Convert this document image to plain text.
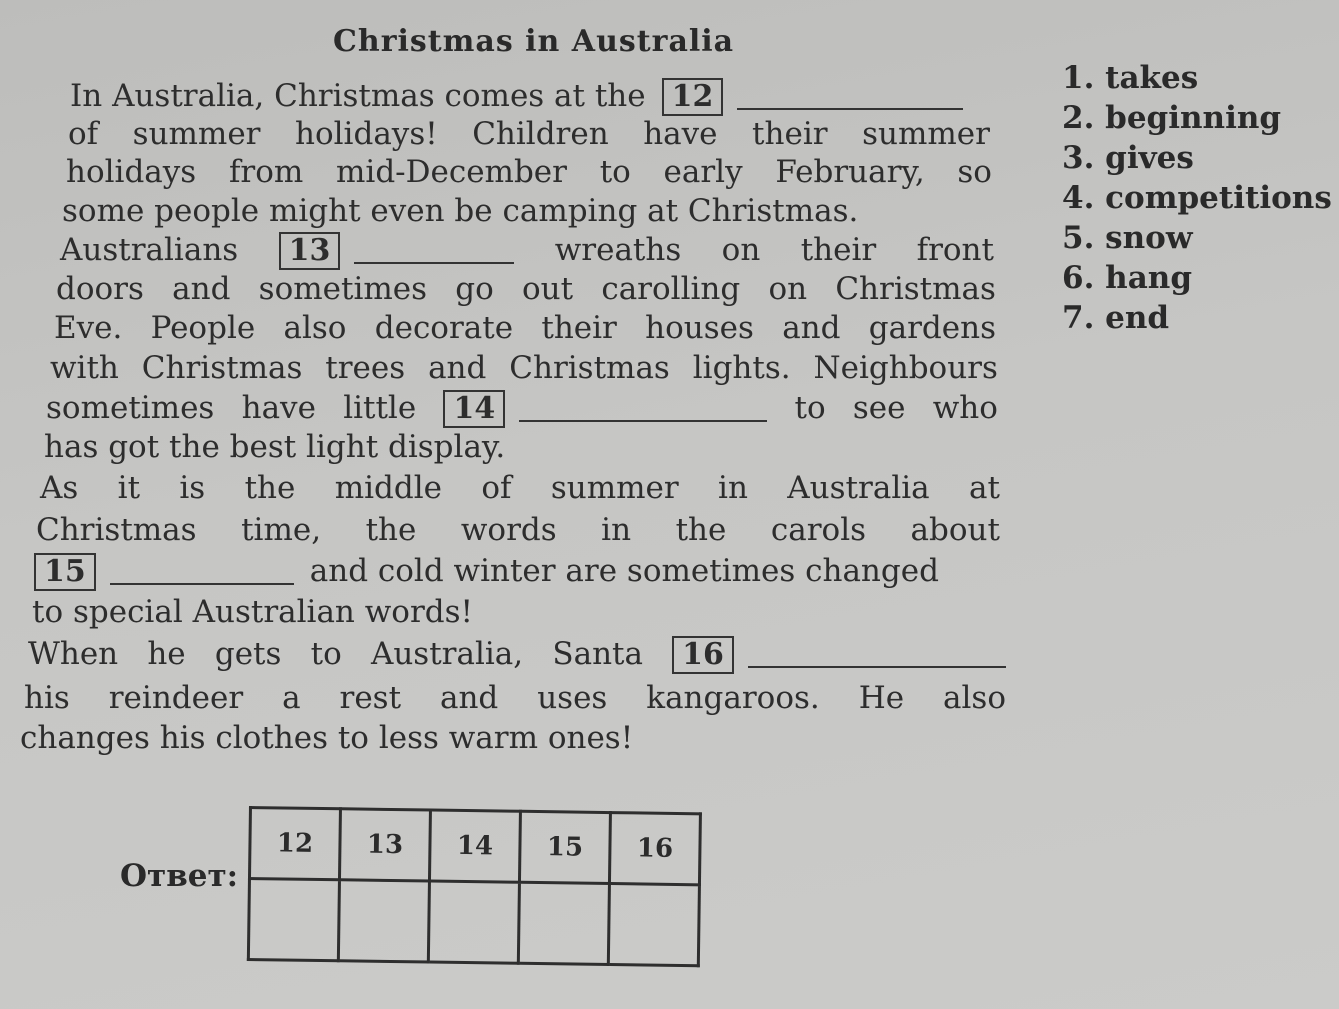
Christmas in Australia
In Australia, Christmas comes at the 12
of summer holidays! Children have their summer
holidays from mid-December to early February, so
some people might even be camping at Christmas.
Australians	13	wreaths on their front
doors and sometimes go out carolling on Christmas
Eve. People also decorate their houses and gardens
with Christmas trees and Christmas lights. Neighbours
sometimes have little	14	to see who
has got the best light display.
As it is the middle of summer in Australia at
Christmas time, the words in the carols about
15	and cold winter are sometimes changed
to special Australian words!
When he gets to Australia, Santa	16
his reindeer a rest and uses kangaroos. He also
changes his clothes to less warm ones!
1. takes
2. beginning
3. gives
4. competitions
5. snow
6. hang
7. end
Ответ:
12	13	14	15	16
